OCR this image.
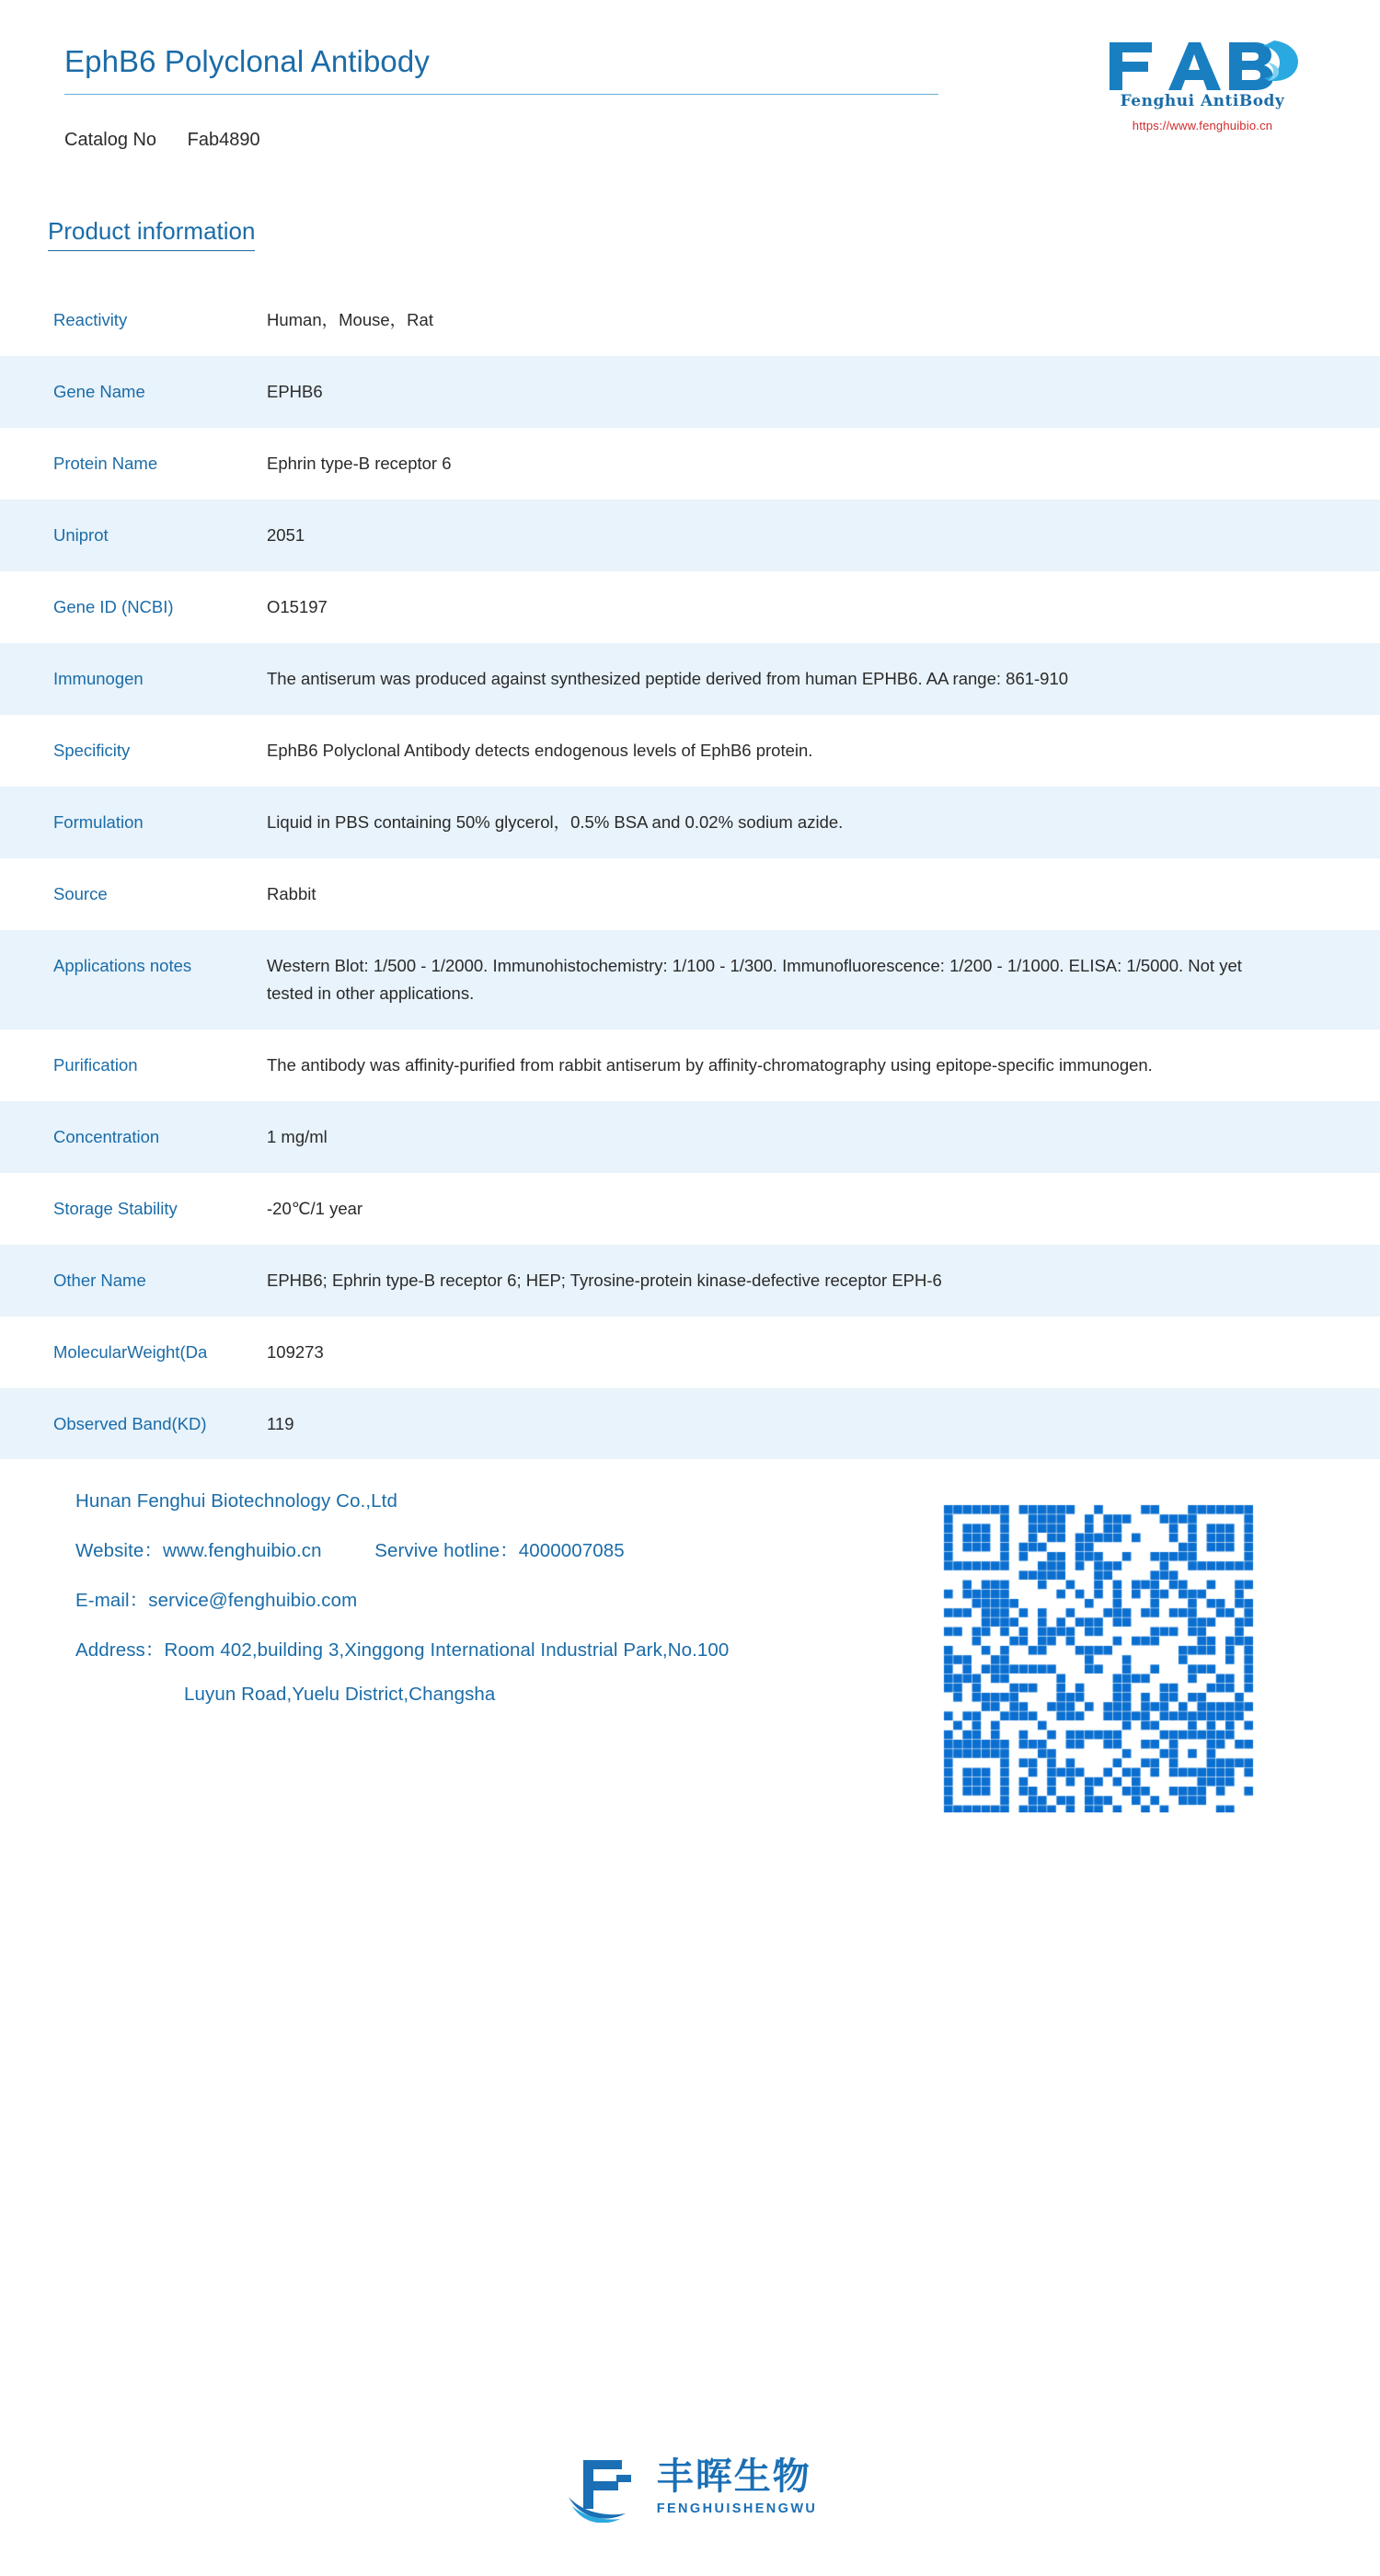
EphB6 Polyclonal Antibody
Catalog No Fab4890
Fenghui AntiBody
https://www.fenghuibio.cn
Product information
Reactivity	Human，Mouse，Rat
Gene Name	EPHB6
Protein Name	Ephrin type-B receptor 6
Uniprot	2051
Gene ID (NCBI)	O15197
Immunogen	The antiserum was produced against synthesized peptide derived from human EPHB6. AA range: 861-910
Specificity	EphB6 Polyclonal Antibody detects endogenous levels of EphB6 protein.
Formulation	Liquid in PBS containing 50% glycerol，0.5% BSA and 0.02% sodium azide.
Source	Rabbit
Applications notes	Western Blot: 1/500 - 1/2000. Immunohistochemistry: 1/100 - 1/300. Immunofluorescence: 1/200 - 1/1000. ELISA: 1/5000. Not yet tested in other applications.
Purification	The antibody was affinity-purified from rabbit antiserum by affinity-chromatography using epitope-specific immunogen.
Concentration	1 mg/ml
Storage Stability	-20℃/1 year
Other Name	EPHB6; Ephrin type-B receptor 6; HEP; Tyrosine-protein kinase-defective receptor EPH-6
MolecularWeight(Da	109273
Observed Band(KD)	119
Hunan Fenghui Biotechnology Co.,Ltd
Website：www.fenghuibio.cn	Servive hotline：4000007085
E-mail：service@fenghuibio.com
Address：Room 402,building 3,Xinggong International Industrial Park,No.100
Luyun Road,Yuelu District,Changsha
丰晖生物
FENGHUISHENGWU
